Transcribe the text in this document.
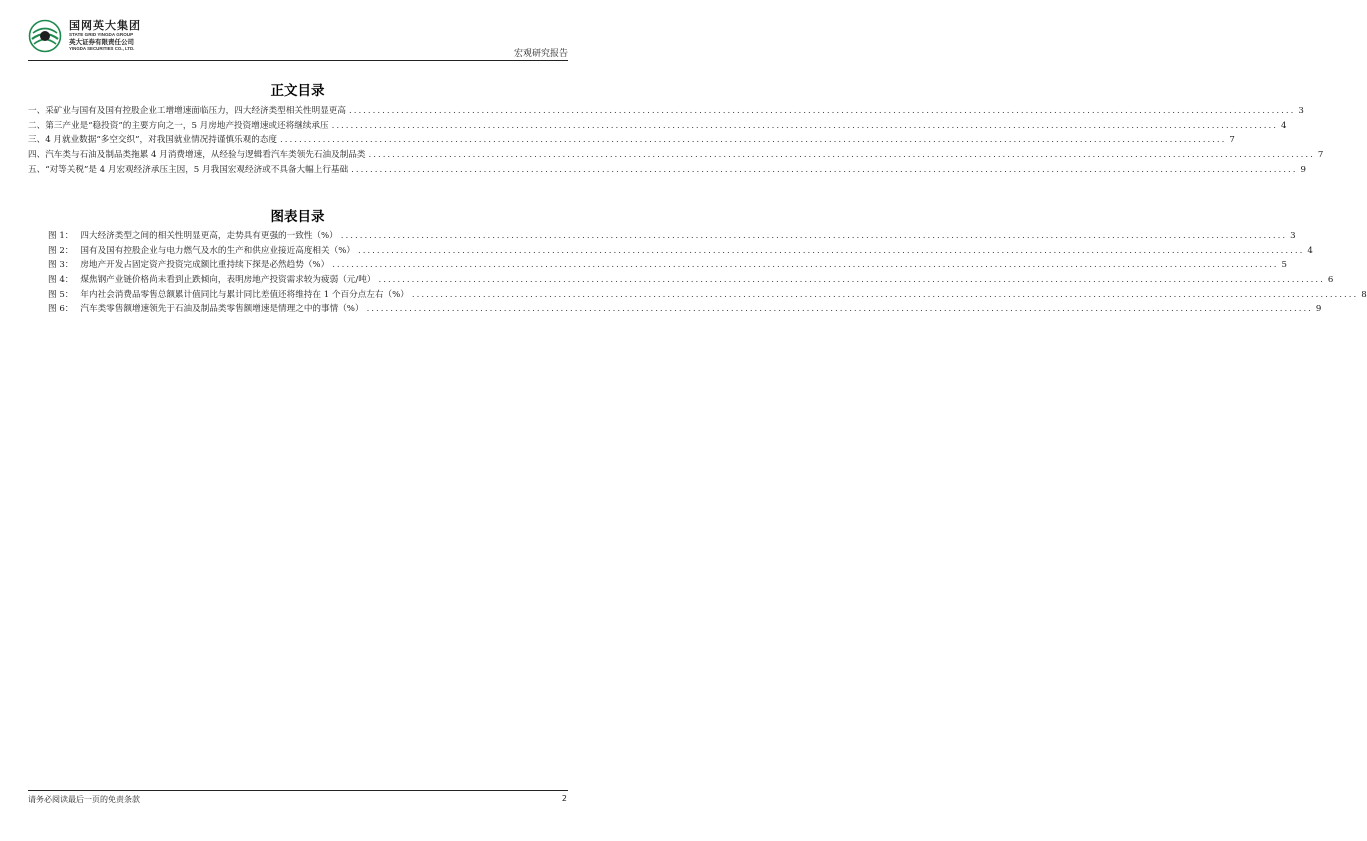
国网英大集团
STATE GRID YINGDA GROUP
英大证券有限责任公司
YINGDA SECURITIES CO., LTD.
宏观研究报告
正文目录
一、采矿业与国有及国有控股企业工增增速面临压力，四大经济类型相关性明显更高 ........................................................................................................................................................................................................ 3
二、第三产业是“稳投资”的主要方向之一，5 月房地产投资增速或还将继续承压 ........................................................................................................................................................................................................ 4
三、4 月就业数据“多空交织”，对我国就业情况持谨慎乐观的态度 ........................................................................................................................................................................................................ 7
四、汽车类与石油及制品类拖累 4 月消费增速，从经验与逻辑看汽车类领先石油及制品类 ........................................................................................................................................................................................................ 7
五、“对等关税”是 4 月宏观经济承压主因，5 月我国宏观经济或不具备大幅上行基础 ........................................................................................................................................................................................................ 9
图表目录
图 1： 四大经济类型之间的相关性明显更高，走势具有更强的一致性（%） ........................................................................................................................................................................................................ 3
图 2： 国有及国有控股企业与电力燃气及水的生产和供应业接近高度相关（%） ........................................................................................................................................................................................................ 4
图 3： 房地产开发占固定资产投资完成额比重持续下探是必然趋势（%） ........................................................................................................................................................................................................ 5
图 4： 煤焦钢产业链价格尚未看到止跌倾向，表明房地产投资需求较为疲弱（元/吨） ........................................................................................................................................................................................................ 6
图 5： 年内社会消费品零售总额累计值同比与累计同比差值还将维持在 1 个百分点左右（%） ........................................................................................................................................................................................................ 8
图 6： 汽车类零售额增速领先于石油及制品类零售额增速是情理之中的事情（%） ........................................................................................................................................................................................................ 9
请务必阅读最后一页的免责条款	2
